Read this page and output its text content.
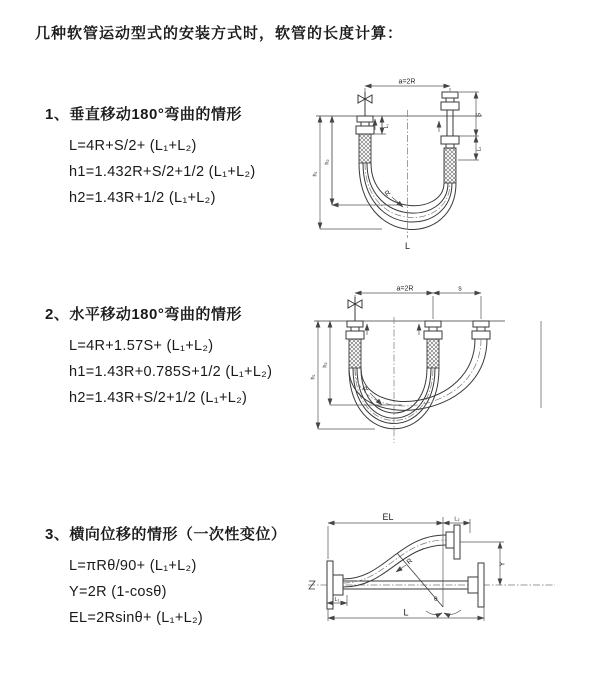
几种软管运动型式的安装方式时，软管的长度计算：
1、垂直移动180°弯曲的情形
L=4R+S/2+ (L₁+L₂)
h1=1.432R+S/2+1/2 (L₁+L₂)
h2=1.43R+1/2 (L₁+L₂)
a=2R
h₂
h₁
L₁
S
L₂
R
L
2、水平移动180°弯曲的情形
L=4R+1.57S+ (L₁+L₂)
h1=1.43R+0.785S+1/2 (L₁+L₂)
h2=1.43R+S/2+1/2 (L₁+L₂)
a=2R	s
h₂
h₁
R
3、横向位移的情形（一次性变位）
L=πRθ/90+ (L₁+L₂)
Y=2R (1-cosθ)
EL=2Rsinθ+ (L₁+L₂)
EL	L₂
Y
θ
R
L₁
L
